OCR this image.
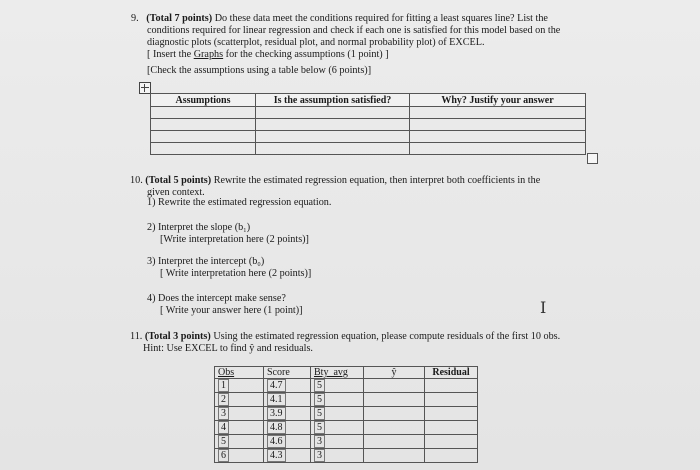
9. (Total 7 points) Do these data meet the conditions required for fitting a least squares line? List the
conditions required for linear regression and check if each one is satisfied for this model based on the
diagnostic plots (scatterplot, residual plot, and normal probability plot) of EXCEL.
[ Insert the Graphs for the checking assumptions (1 point) ]
[Check the assumptions using a table below (6 points)]
Assumptions	Is the assumption satisfied?	Why? Justify your answer

10. (Total 5 points) Rewrite the estimated regression equation, then interpret both coefficients in the
given context.
1) Rewrite the estimated regression equation.
2) Interpret the slope (b₁)
[Write interpretation here (2 points)]
3) Interpret the intercept (b₀)
[ Write interpretation here (2 points)]
4) Does the intercept make sense?
[ Write your answer here (1 point)]	I
11. (Total 3 points) Using the estimated regression equation, please compute residuals of the first 10 obs.
Hint: Use EXCEL to find ŷ and residuals.
Obs	Score	Bty_avg	ŷ	Residual
1	4.7	5		
2	4.1	5		
3	3.9	5		
4	4.8	5		
5	4.6	3		
6	4.3	3		
